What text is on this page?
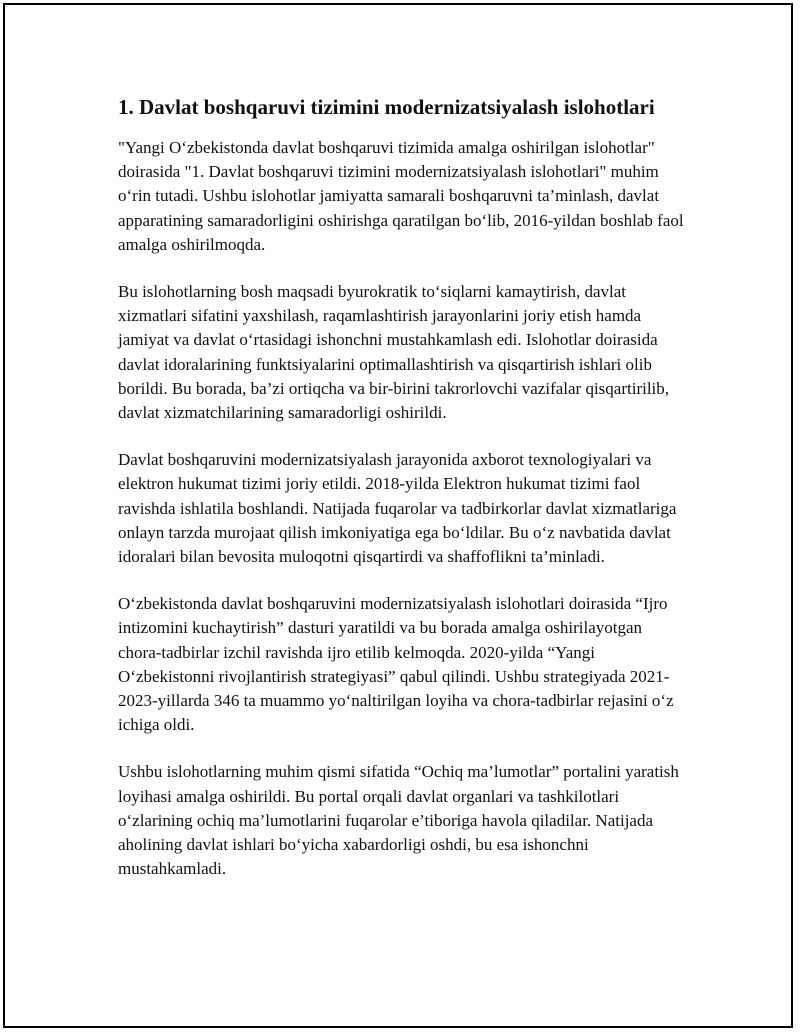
1. Davlat boshqaruvi tizimini modernizatsiyalash islohotlari

"Yangi O‘zbekistonda davlat boshqaruvi tizimida amalga oshirilgan islohotlar" doirasida "1. Davlat boshqaruvi tizimini modernizatsiyalash islohotlari" muhim o‘rin tutadi. Ushbu islohotlar jamiyatta samarali boshqaruvni ta’minlash, davlat apparatining samaradorligini oshirishga qaratilgan bo‘lib, 2016-yildan boshlab faol amalga oshirilmoqda.

Bu islohotlarning bosh maqsadi byurokratik to‘siqlarni kamaytirish, davlat xizmatlari sifatini yaxshilash, raqamlashtirish jarayonlarini joriy etish hamda jamiyat va davlat o‘rtasidagi ishonchni mustahkamlash edi. Islohotlar doirasida davlat idoralarining funktsiyalarini optimallashtirish va qisqartirish ishlari olib borildi. Bu borada, ba’zi ortiqcha va bir-birini takrorlovchi vazifalar qisqartirilib, davlat xizmatchilarining samaradorligi oshirildi.

Davlat boshqaruvini modernizatsiyalash jarayonida axborot texnologiyalari va elektron hukumat tizimi joriy etildi. 2018-yilda Elektron hukumat tizimi faol ravishda ishlatila boshlandi. Natijada fuqarolar va tadbirkorlar davlat xizmatlariga onlayn tarzda murojaat qilish imkoniyatiga ega bo‘ldilar. Bu o‘z navbatida davlat idoralari bilan bevosita muloqotni qisqartirdi va shaffoflikni ta’minladi.

O‘zbekistonda davlat boshqaruvini modernizatsiyalash islohotlari doirasida “Ijro intizomini kuchaytirish” dasturi yaratildi va bu borada amalga oshirilayotgan chora-tadbirlar izchil ravishda ijro etilib kelmoqda. 2020-yilda “Yangi O‘zbekistonni rivojlantirish strategiyasi” qabul qilindi. Ushbu strategiyada 2021-2023-yillarda 346 ta muammo yo‘naltirilgan loyiha va chora-tadbirlar rejasini o‘z ichiga oldi.

Ushbu islohotlarning muhim qismi sifatida “Ochiq ma’lumotlar” portalini yaratish loyihasi amalga oshirildi. Bu portal orqali davlat organlari va tashkilotlari o‘zlarining ochiq ma’lumotlarini fuqarolar e’tiboriga havola qiladilar. Natijada aholining davlat ishlari bo‘yicha xabardorligi oshdi, bu esa ishonchni mustahkamladi.
